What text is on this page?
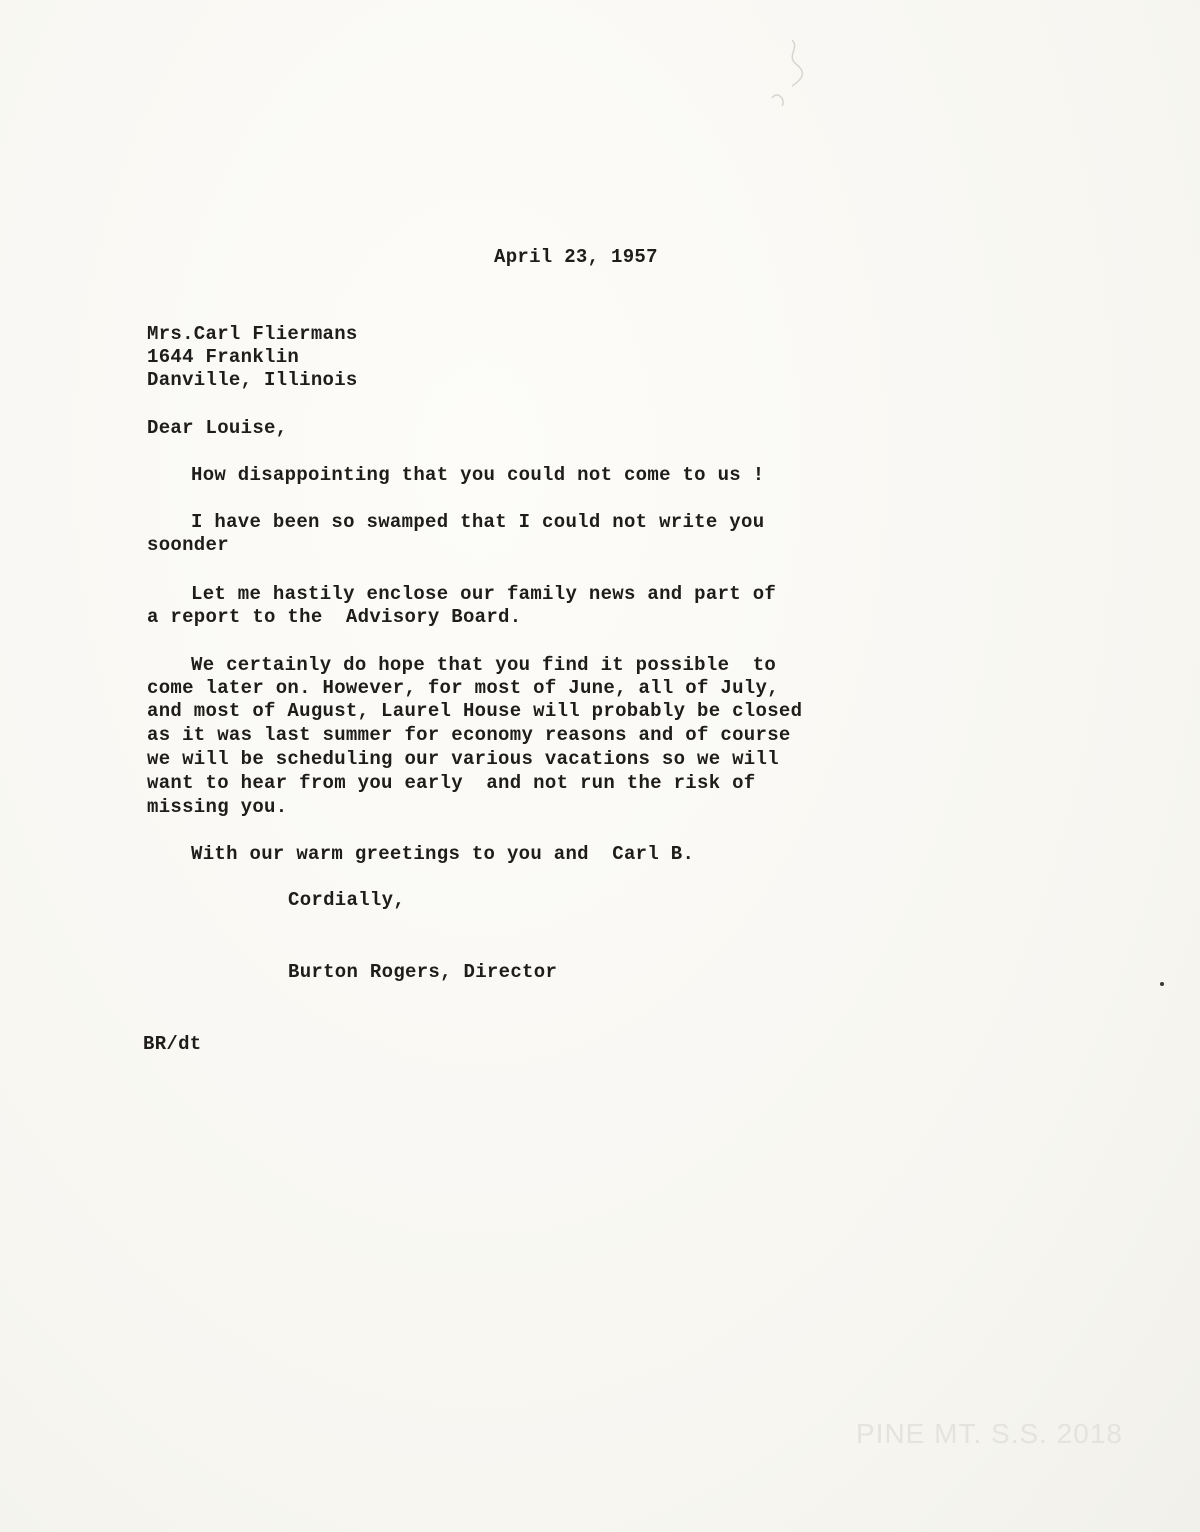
April 23, 1957
Mrs.Carl Fliermans
1644 Franklin
Danville, Illinois
Dear Louise,
How disappointing that you could not come to us !
I have been so swamped that I could not write you
soonder
Let me hastily enclose our family news and part of
a report to the  Advisory Board.
We certainly do hope that you find it possible  to
come later on. However, for most of June, all of July,
and most of August, Laurel House will probably be closed
as it was last summer for economy reasons and of course
we will be scheduling our various vacations so we will
want to hear from you early  and not run the risk of
missing you.
With our warm greetings to you and  Carl B.
Cordially,
Burton Rogers, Director
BR/dt
PINE MT. S.S. 2018
